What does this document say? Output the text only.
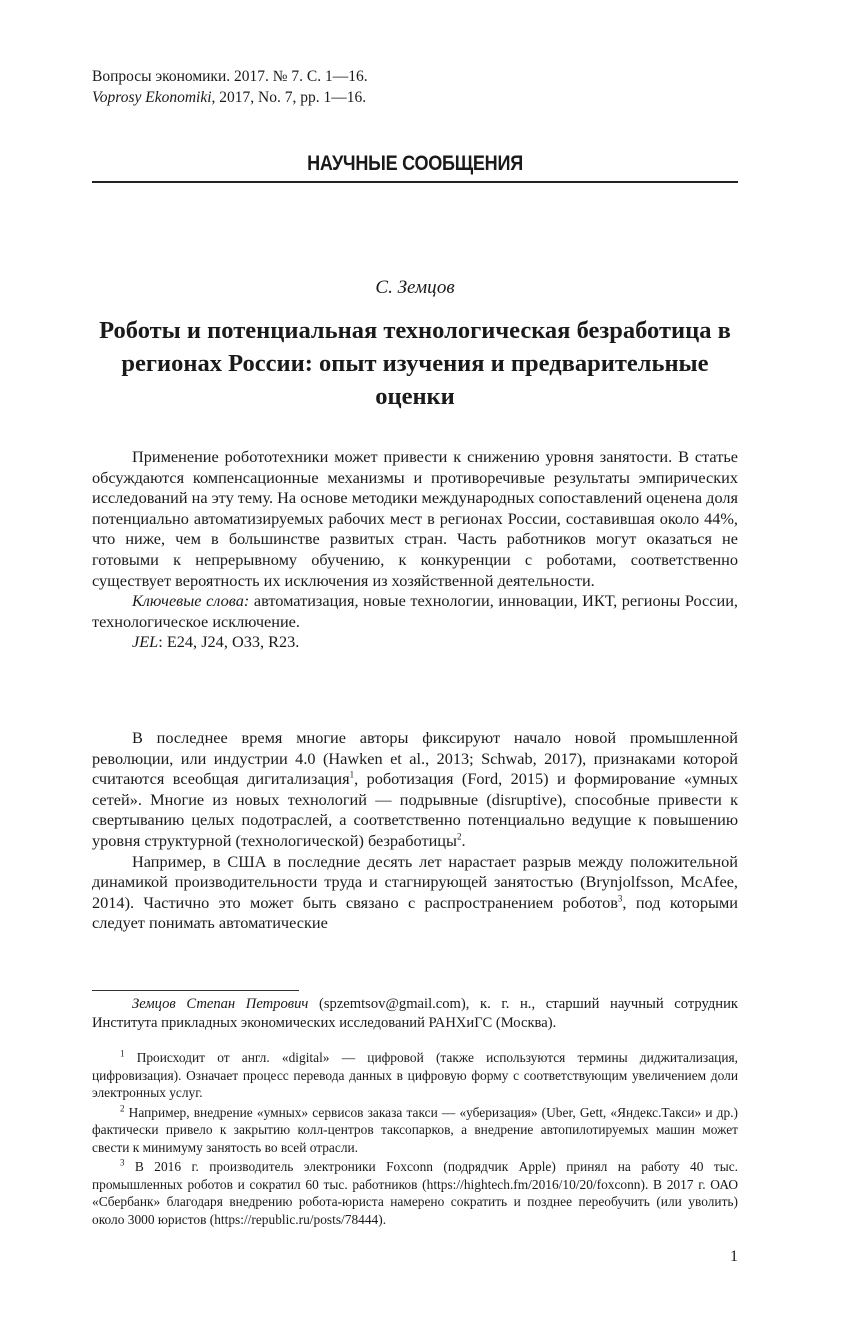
Вопросы экономики. 2017. № 7. С. 1—16.
Voprosy Ekonomiki, 2017, No. 7, pp. 1—16.
НАУЧНЫЕ СООБЩЕНИЯ
С. Земцов
Роботы и потенциальная технологическая безработица в регионах России: опыт изучения и предварительные оценки

Применение робототехники может привести к снижению уровня занятости. В статье обсуждаются компенсационные механизмы и противоречивые результаты эмпирических исследований на эту тему. На основе методики международных сопоставлений оценена доля потенциально автоматизируемых рабочих мест в регионах России, составившая около 44%, что ниже, чем в большинстве развитых стран. Часть работников могут оказаться не готовыми к непрерывному обучению, к конкуренции с роботами, соответственно существует вероятность их исключения из хозяйственной деятельности.

Ключевые слова: автоматизация, новые технологии, инновации, ИКТ, регионы России, технологическое исключение.

JEL: E24, J24, O33, R23.

В последнее время многие авторы фиксируют начало новой промышленной революции, или индустрии 4.0 (Hawken et al., 2013; Schwab, 2017), признаками которой считаются всеобщая дигитализация$^1$, роботизация (Ford, 2015) и формирование «умных сетей». Многие из новых технологий — подрывные (disruptive), способные привести к свертыванию целых подотраслей, а соответственно потенциально ведущие к повышению уровня структурной (технологической) безработицы$^2$.

Например, в США в последние десять лет нарастает разрыв между положительной динамикой производительности труда и стагнирующей занятостью (Brynjolfsson, McAfee, 2014). Частично это может быть связано с распространением роботов$^3$, под которыми следует понимать автоматические

Земцов Степан Петрович (spzemtsov@gmail.com), к. г. н., старший научный сотрудник Института прикладных экономических исследований РАНХиГС (Москва).

$^1$ Происходит от англ. «digital» — цифровой (также используются термины диджитализация, цифровизация). Означает процесс перевода данных в цифровую форму с соответствующим увеличением доли электронных услуг.

$^2$ Например, внедрение «умных» сервисов заказа такси — «уберизация» (Uber, Gett, «Яндекс.Такси» и др.) фактически привело к закрытию колл-центров таксопарков, а внедрение автопилотируемых машин может свести к минимуму занятость во всей отрасли.

$^3$ В 2016 г. производитель электроники Foxconn (подрядчик Apple) принял на работу 40 тыс. промышленных роботов и сократил 60 тыс. работников (https://hightech.fm/2016/10/20/foxconn). В 2017 г. ОАО «Сбербанк» благодаря внедрению робота-юриста намерено сократить и позднее переобучить (или уволить) около 3000 юристов (https://republic.ru/posts/78444).

1
